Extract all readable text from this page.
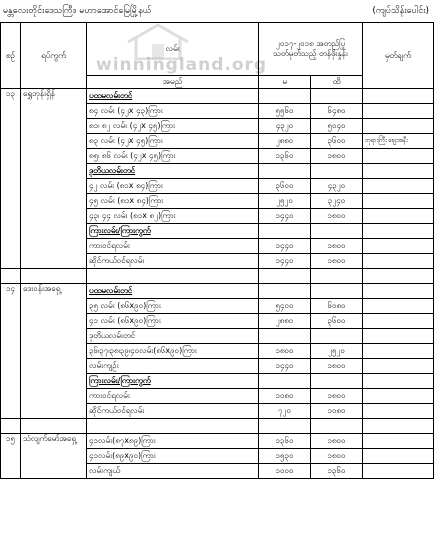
မန္တလေးတိုင်းဒေသကြီး၊ မဟာအောင်မြေမြို့နယ်	(ကျပ်သိန်းပေါင်း)
winningland.org
စဉ်	ရပ်ကွက်	လမ်း	၂၀၁၇-၂၀၁၈ အတည်ပြု သတ်မှတ်သည့် တန်ဖိုးနှုန်း		မှတ်ချက်
		အမည်	မ	ထိ	
၁၃	ရွှေဘုန်းရှိန်	ပထမလမ်းတင်			
		၈၄ လမ်း (၄၂x ၄၃)ကြား	၅၅၆၀	၆၄၈၀	
		၈၁၊ ၈၂ လမ်း (၄၂x ၄၅)ကြား	၄၃၂၀	၅၀၄၀	
		၈၃ လမ်း (၄၂x ၄၅)ကြား	၂၈၈၀	၃၆၀၀	ဘုရားကြီး ဈေးအနီး
		၈၅၊ ၈၆ လမ်း (၄၂x ၄၅)ကြား	၁၃၆၀	၁၈၀၀	
		ဒုတိယလမ်းတင်			
		၄၂ လမ်း (၈၁x ၈၄)ကြား	၃၆၀၀	၄၃၂၀	
		၄၅ လမ်း (၈၁x ၈၄)ကြား	၂၅၂၀	၃၂၄၀	
		၄၃၊ ၄၄ လမ်း (၈၁x ၈၂)ကြား	၁၄၄၀	၁၈၀၀	
		ကြားလမ်း/ကြားကွက်			
		ကားဝင်ရလမ်း	၁၄၄၀	၁၈၀၀	
		ဆိုင်ကယ်ဝင်ရလမ်း	၁၄၄၀	၁၈၀၀	

၁၄	ဒေးဝန်းအရှေ့	ပထမလမ်းတင်			
		၃၅ လမ်း (၈၆x၉၀)ကြား	၅၄၀၀	၆၀၈၀	
		၄၁ လမ်း (၈၆x၉၀)ကြား	၂၈၈၀	၃၆၀၀	
		ဒုတိယလမ်းတင်			
		၃၆၊၃၇၊၃၈၊၃၉၊၄၀လမ်း(၈၆x၉၀)ကြား	၁၈၀၀	၂၅၂၀	
		လမ်းကျဉ်း	၁၄၄၀	၁၈၀၀	
		ကြားလမ်း/ကြားကွက်			
		ကားဝင်ရလမ်း	၁၀၈၀	၁၈၀၀	
		ဆိုင်ကယ်ဝင်ရလမ်း	၇၂၀	၁၀၈၀	

၁၅	သံလျက်မော်အရှေ့	၄၁လမ်း(၈၇x၈၉)ကြား	၁၃၆၀	၁၈၀၀	
		၄၁လမ်း(၈၉x၉၀)ကြား	၁၅၃၀	၁၈၀၀	
		လမ်းကျယ်	၁၀၀၀	၁၃၆၀	
